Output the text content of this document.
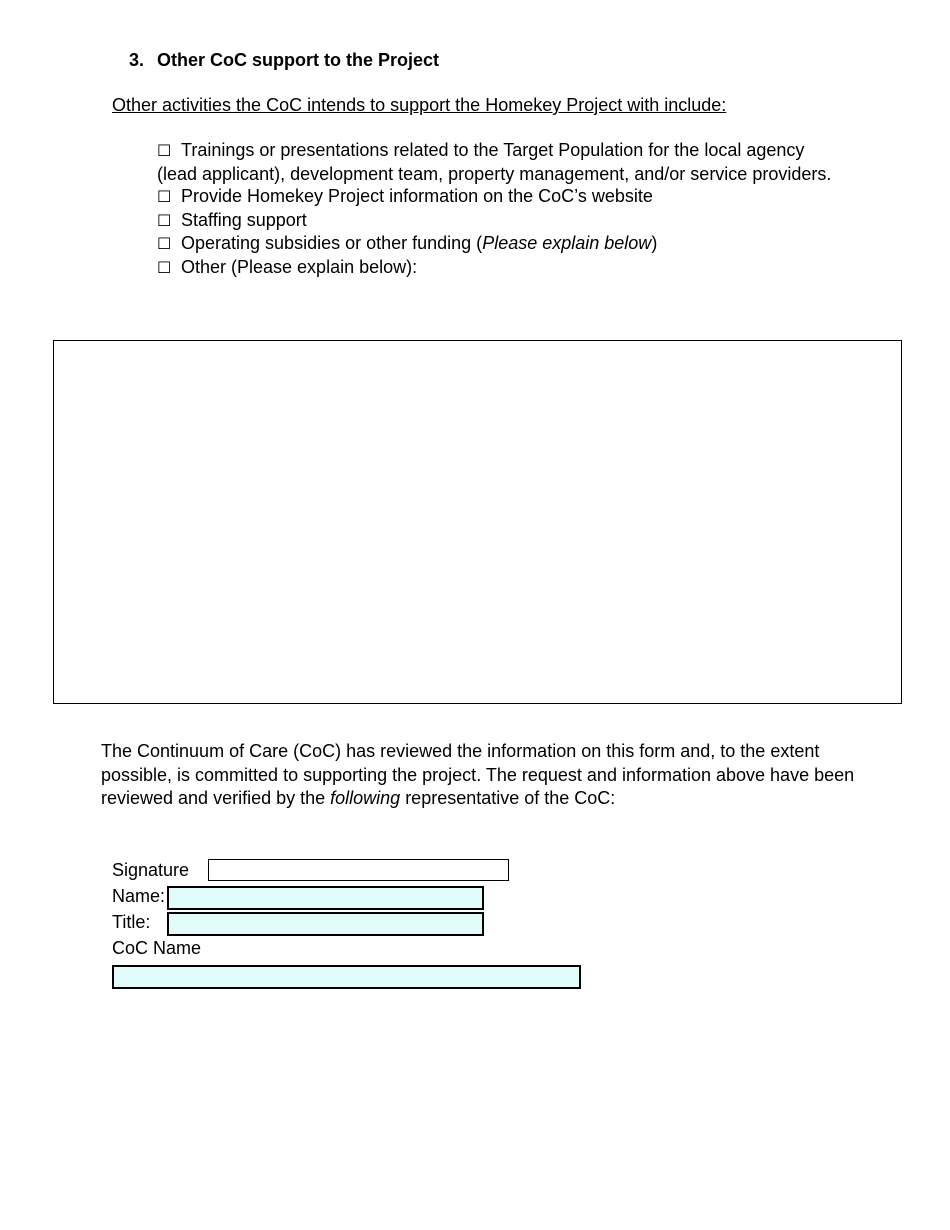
3. Other CoC support to the Project
Other activities the CoC intends to support the Homekey Project with include:
☐ Trainings or presentations related to the Target Population for the local agency (lead applicant), development team, property management, and/or service providers.
☐ Provide Homekey Project information on the CoC’s website
☐ Staffing support
☐ Operating subsidies or other funding (Please explain below)
☐ Other (Please explain below):
The Continuum of Care (CoC) has reviewed the information on this form and, to the extent possible, is committed to supporting the project. The request and information above have been reviewed and verified by the following representative of the CoC:
Signature
Name:
Title:
CoC Name
